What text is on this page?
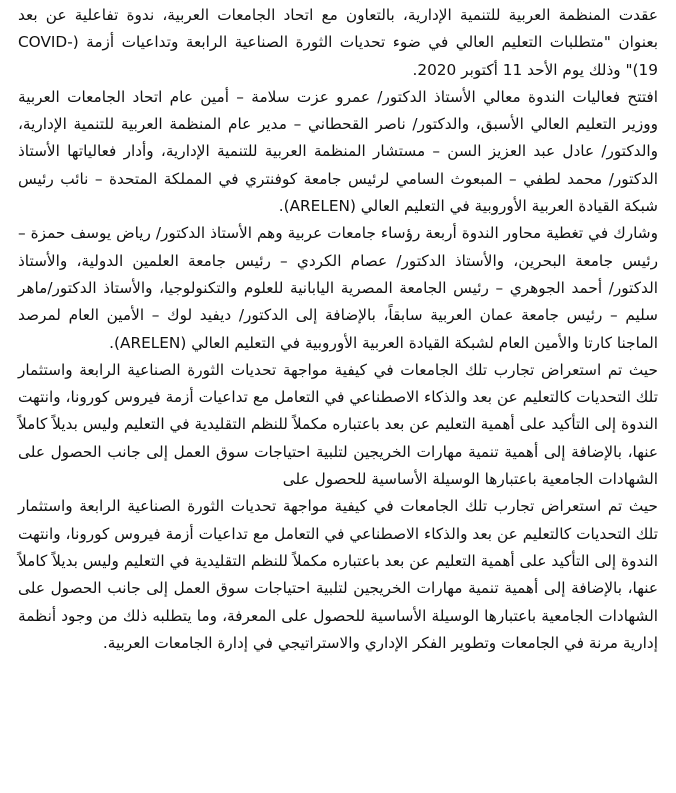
عقدت المنظمة العربية للتنمية الإدارية، بالتعاون مع اتحاد الجامعات العربية، ندوة تفاعلية عن بعد بعنوان "متطلبات التعليم العالي في ضوء تحديات الثورة الصناعية الرابعة وتداعيات أزمة (COVID-19)" وذلك يوم الأحد 11 أكتوبر 2020.

افتتح فعاليات الندوة معالي الأستاذ الدكتور/ عمرو عزت سلامة – أمين عام اتحاد الجامعات العربية ووزير التعليم العالي الأسبق، والدكتور/ ناصر القحطاني – مدير عام المنظمة العربية للتنمية الإدارية، والدكتور/ عادل عبد العزيز السن – مستشار المنظمة العربية للتنمية الإدارية، وأدار فعالياتها الأستاذ الدكتور/ محمد لطفي – المبعوث السامي لرئيس جامعة كوفنتري في المملكة المتحدة – نائب رئيس شبكة القيادة العربية الأوروبية في التعليم العالي (ARELEN).

وشارك في تغطية محاور الندوة أربعة رؤساء جامعات عربية وهم الأستاذ الدكتور/ رياض يوسف حمزة – رئيس جامعة البحرين، والأستاذ الدكتور/ عصام الكردي – رئيس جامعة العلمين الدولية، والأستاذ الدكتور/ أحمد الجوهري – رئيس الجامعة المصرية اليابانية للعلوم والتكنولوجيا، والأستاذ الدكتور/ماهر سليم – رئيس جامعة عمان العربية سابقاً، بالإضافة إلى الدكتور/ ديفيد لوك – الأمين العام لمرصد الماجنا كارتا والأمين العام لشبكة القيادة العربية الأوروبية في التعليم العالي (ARELEN).

حيث تم استعراض تجارب تلك الجامعات في كيفية مواجهة تحديات الثورة الصناعية الرابعة واستثمار تلك التحديات كالتعليم عن بعد والذكاء الاصطناعي في التعامل مع تداعيات أزمة فيروس كورونا، وانتهت الندوة إلى التأكيد على أهمية التعليم عن بعد باعتباره مكملاً للنظم التقليدية في التعليم وليس بديلاً كاملاً عنها، بالإضافة إلى أهمية تنمية مهارات الخريجين لتلبية احتياجات سوق العمل إلى جانب الحصول على الشهادات الجامعية باعتبارها الوسيلة الأساسية للحصول على

حيث تم استعراض تجارب تلك الجامعات في كيفية مواجهة تحديات الثورة الصناعية الرابعة واستثمار تلك التحديات كالتعليم عن بعد والذكاء الاصطناعي في التعامل مع تداعيات أزمة فيروس كورونا، وانتهت الندوة إلى التأكيد على أهمية التعليم عن بعد باعتباره مكملاً للنظم التقليدية في التعليم وليس بديلاً كاملاً عنها، بالإضافة إلى أهمية تنمية مهارات الخريجين لتلبية احتياجات سوق العمل إلى جانب الحصول على الشهادات الجامعية باعتبارها الوسيلة الأساسية للحصول على المعرفة، وما يتطلبه ذلك من وجود أنظمة إدارية مرنة في الجامعات وتطوير الفكر الإداري والاستراتيجي في إدارة الجامعات العربية.
